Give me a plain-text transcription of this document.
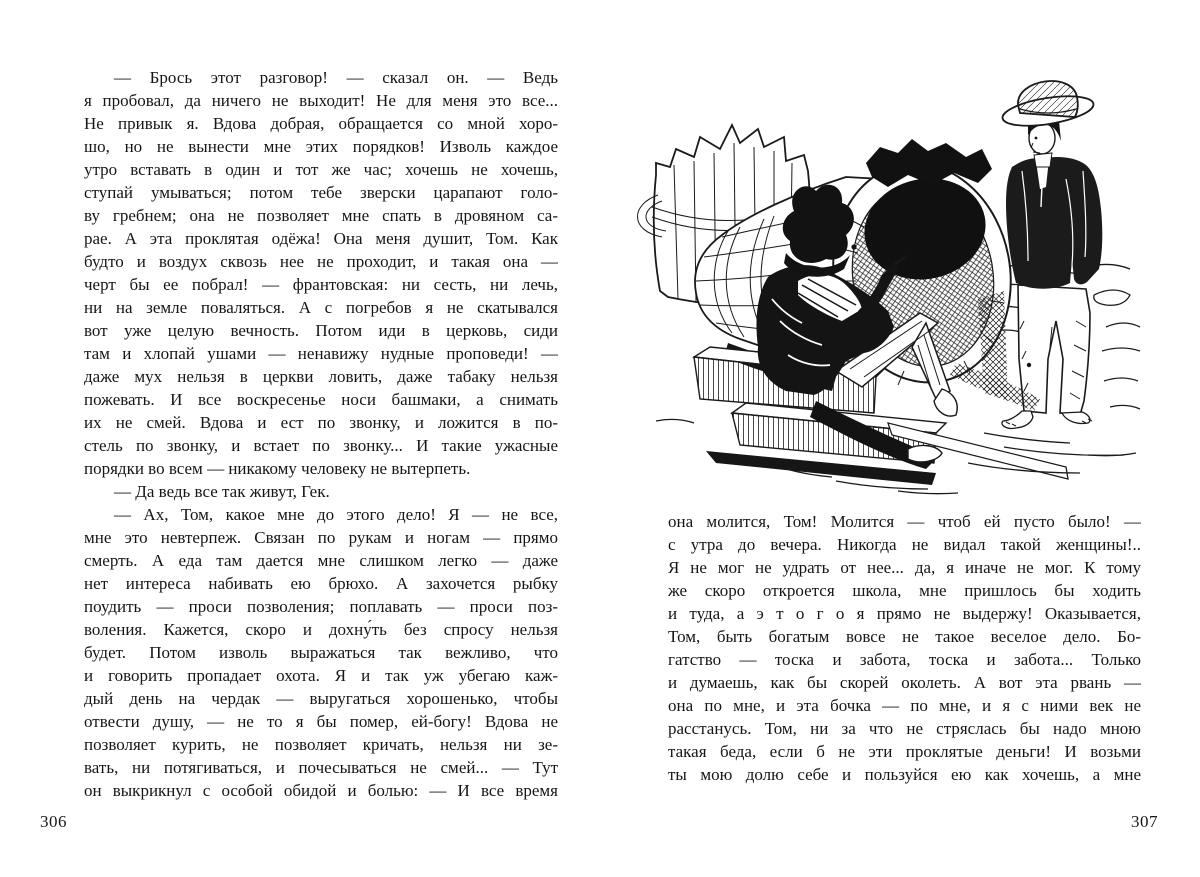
— Брось этот разговор! — сказал он. — Ведь
я пробовал, да ничего не выходит! Не для меня это все...
Не привык я. Вдова добрая, обращается со мной хоро-
шо, но не вынести мне этих порядков! Изволь каждое
утро вставать в один и тот же час; хочешь не хочешь,
ступай умываться; потом тебе зверски царапают голо-
ву гребнем; она не позволяет мне спать в дровяном са-
рае. А эта проклятая одёжа! Она меня душит, Том. Как
будто и воздух сквозь нее не проходит, и такая она —
черт бы ее побрал! — франтовская: ни сесть, ни лечь,
ни на земле поваляться. А с погребов я не скатывался
вот уже целую вечность. Потом иди в церковь, сиди
там и хлопай ушами — ненавижу нудные проповеди! —
даже мух нельзя в церкви ловить, даже табаку нельзя
пожевать. И все воскресенье носи башмаки, а снимать
их не смей. Вдова и ест по звонку, и ложится в по-
стель по звонку, и встает по звонку... И такие ужасные
порядки во всем — никакому человеку не вытерпеть.
— Да ведь все так живут, Гек.
— Ах, Том, какое мне до этого дело! Я — не все,
мне это невтерпеж. Связан по рукам и ногам — прямо
смерть. А еда там дается мне слишком легко — даже
нет интереса набивать ею брюхо. А захочется рыбку
поудить — проси позволения; поплавать — проси поз-
воления. Кажется, скоро и дохну́ть без спросу нельзя
будет. Потом изволь выражаться так вежливо, что
и говорить пропадает охота. Я и так уж убегаю каж-
дый день на чердак — выругаться хорошенько, чтобы
отвести душу, — не то я бы помер, ей-богу! Вдова не
позволяет курить, не позволяет кричать, нельзя ни зе-
вать, ни потягиваться, и почесываться не смей... — Тут
он выкрикнул с особой обидой и болью: — И все время
306
она молится, Том! Молится — чтоб ей пусто было! —
с утра до вечера. Никогда не видал такой женщины!..
Я не мог не удрать от нее... да, я иначе не мог. К тому
же скоро откроется школа, мне пришлось бы ходить
и туда, а э т о г о я прямо не выдержу! Оказывается,
Том, быть богатым вовсе не такое веселое дело. Бо-
гатство — тоска и забота, тоска и забота... Только
и думаешь, как бы скорей околеть. А вот эта рвань —
она по мне, и эта бочка — по мне, и я с ними век не
расстанусь. Том, ни за что не стряслась бы надо мною
такая беда, если б не эти проклятые деньги! И возьми
ты мою долю себе и пользуйся ею как хочешь, а мне
307
